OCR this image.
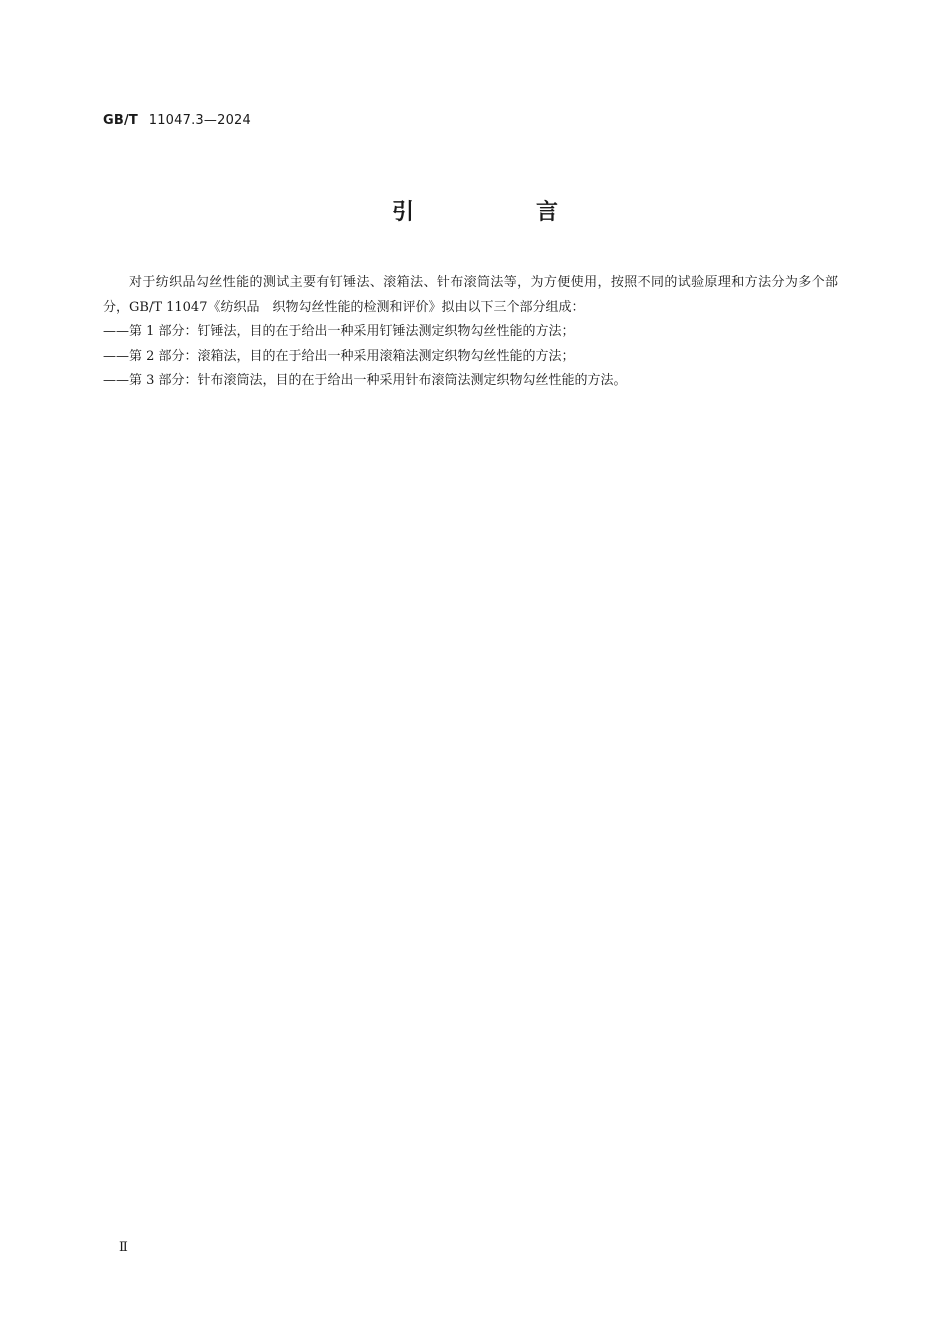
GB/T 11047.3—2024
引　言

对于纺织品勾丝性能的测试主要有钉锤法、滚箱法、针布滚筒法等，为方便使用，按照不同的试验原理和方法分为多个部分，GB/T 11047《纺织品　织物勾丝性能的检测和评价》拟由以下三个部分组成：

——第 1 部分：钉锤法，目的在于给出一种采用钉锤法测定织物勾丝性能的方法；

——第 2 部分：滚箱法，目的在于给出一种采用滚箱法测定织物勾丝性能的方法；

——第 3 部分：针布滚筒法，目的在于给出一种采用针布滚筒法测定织物勾丝性能的方法。

Ⅱ
